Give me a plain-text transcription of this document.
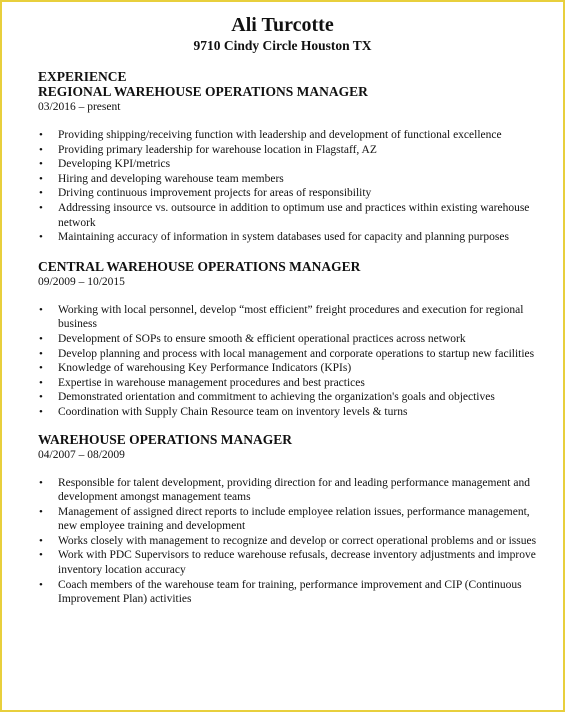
Ali Turcotte

9710 Cindy Circle Houston TX

EXPERIENCE

REGIONAL WAREHOUSE OPERATIONS MANAGER

03/2016 – present

• Providing shipping/receiving function with leadership and development of functional excellence
• Providing primary leadership for warehouse location in Flagstaff, AZ
• Developing KPI/metrics
• Hiring and developing warehouse team members
• Driving continuous improvement projects for areas of responsibility
• Addressing insource vs. outsource in addition to optimum use and practices within existing warehouse network
• Maintaining accuracy of information in system databases used for capacity and planning purposes

CENTRAL WAREHOUSE OPERATIONS MANAGER

09/2009 – 10/2015

• Working with local personnel, develop “most efficient” freight procedures and execution for regional business
• Development of SOPs to ensure smooth & efficient operational practices across network
• Develop planning and process with local management and corporate operations to startup new facilities
• Knowledge of warehousing Key Performance Indicators (KPIs)
• Expertise in warehouse management procedures and best practices
• Demonstrated orientation and commitment to achieving the organization's goals and objectives
• Coordination with Supply Chain Resource team on inventory levels & turns

WAREHOUSE OPERATIONS MANAGER

04/2007 – 08/2009

• Responsible for talent development, providing direction for and leading performance management and development amongst management teams
• Management of assigned direct reports to include employee relation issues, performance management, new employee training and development
• Works closely with management to recognize and develop or correct operational problems and or issues
• Work with PDC Supervisors to reduce warehouse refusals, decrease inventory adjustments and improve inventory location accuracy
• Coach members of the warehouse team for training, performance improvement and CIP (Continuous Improvement Plan) activities
